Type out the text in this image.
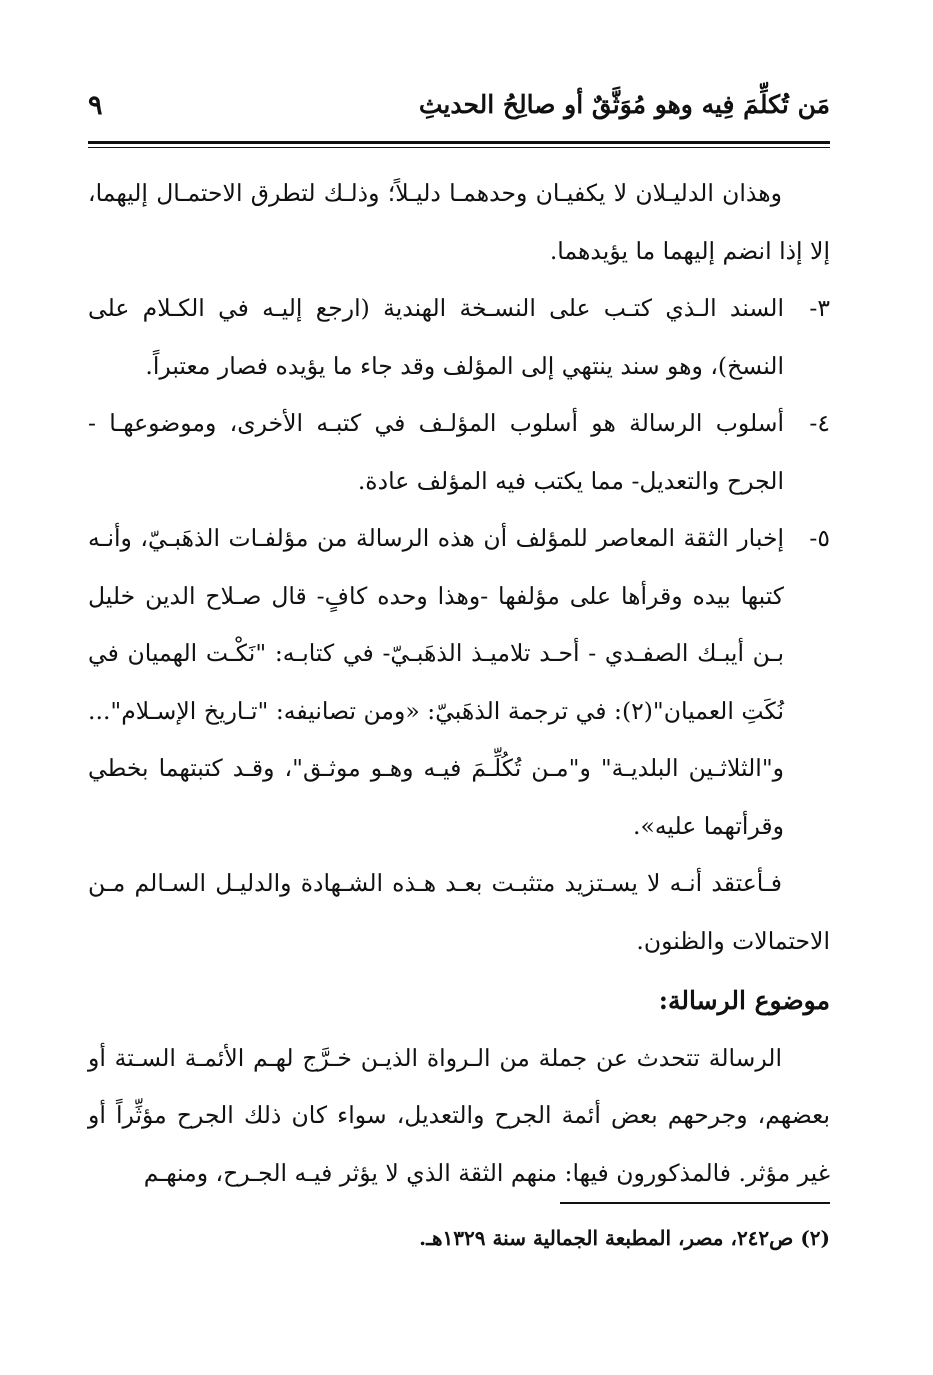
مَن تُكلِّمَ فِيه وهو مُوَثَّقٌ أو صالِحُ الحديثِ
٩

وهذان الدليـلان لا يكفيـان وحدهمـا دليـلاً؛ وذلـك لتطرق الاحتمـال إليهما، إلا إذا انضم إليهما ما يؤيدهما.

٣-
السند الـذي كتـب على النسـخة الهندية (ارجع إليـه في الكـلام على النسخ)، وهو سند ينتهي إلى المؤلف وقد جاء ما يؤيده فصار معتبراً.

٤-
أسلوب الرسالة هو أسلوب المؤلـف في كتبـه الأخرى، وموضوعهـا - الجرح والتعديل- مما يكتب فيه المؤلف عادة.

٥-
إخبار الثقة المعاصر للمؤلف أن هذه الرسالة من مؤلفـات الذهَبـيّ، وأنـه كتبها بيده وقرأها على مؤلفها -وهذا وحده كافٍ- قال صـلاح الدين خليل بـن أيبـك الصفـدي - أحـد تلاميـذ الذهَبـيّ- في كتابـه: "نَكْـت الهميان في نُكَتِ العميان"(٢): في ترجمة الذهَبيّ: «ومن تصانيفه: "تـاريخ الإسـلام"... و"الثلاثـين البلديـة" و"مـن تُكُلِّـمَ فيـه وهـو موثـق"، وقـد كتبتهما بخطي وقرأتهما عليه».

فـأعتقد أنـه لا يسـتزيد متثبـت بعـد هـذه الشـهادة والدليـل السـالم مـن الاحتمالات والظنون.

موضوع الرسالة:

الرسالة تتحدث عن جملة من الـرواة الذيـن خـرَّج لهـم الأئمـة السـتة أو بعضهم، وجرحهم بعض أئمة الجرح والتعديل، سواء كان ذلك الجرح مؤثِّراً أو غير مؤثر. فالمذكورون فيها: منهم الثقة الذي لا يؤثر فيـه الجـرح، ومنهـم

(٢) ص٢٤٢، مصر، المطبعة الجمالية سنة ١٣٢٩هـ.
